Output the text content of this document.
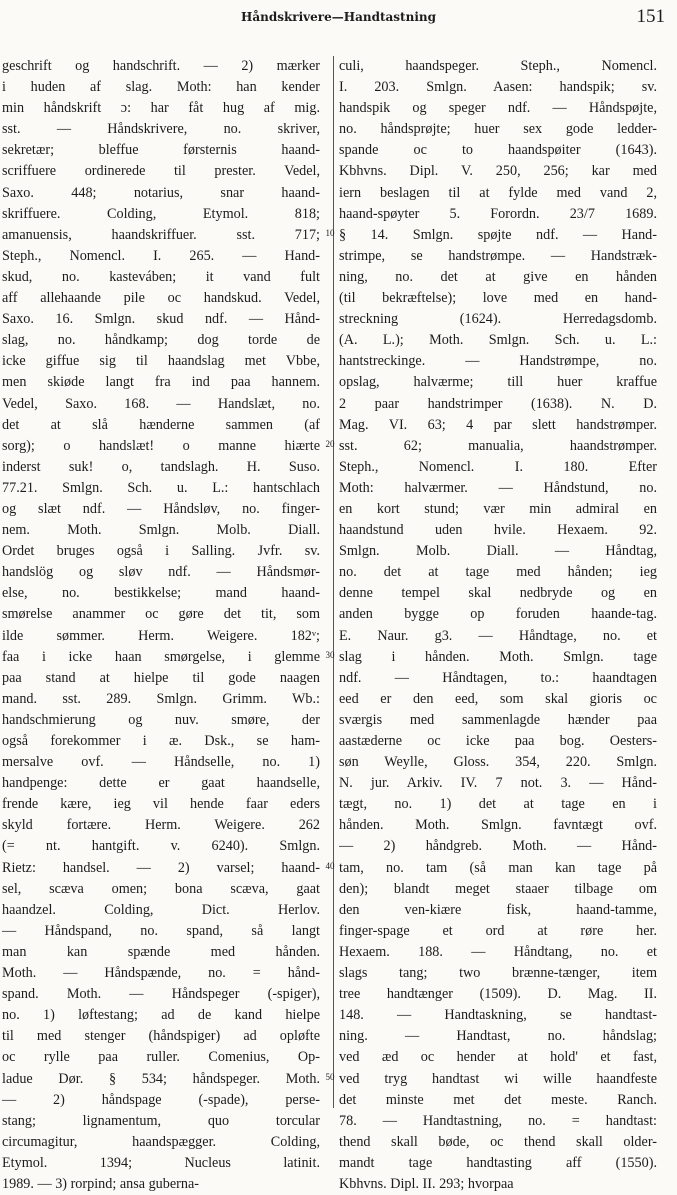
Håndskrivere—Handtastning	151
geschrift og handschrift. — 2) mærker
i huden af slag. Moth: han kender
min håndskrift ɔ: har fåt hug af mig.
sst. — Håndskrivere, no. skriver,
sekretær; bleffue førsternis haand-
scriffuere ordinerede til prester. Vedel,
Saxo. 448; notarius, snar haand-
skriffuere. Colding, Etymol. 818;
amanuensis, haandskriffuer. sst. 717;
Steph., Nomencl. I. 265. — Hand-
skud, no. kasteváben; it vand fult
aff allehaande pile oc handskud. Vedel,
Saxo. 16. Smlgn. skud ndf. — Hånd-
slag, no. håndkamp; dog torde de
icke giffue sig til haandslag met Vbbe,
men skiøde langt fra ind paa hannem.
Vedel, Saxo. 168. — Handslæt, no.
det at slå hænderne sammen (af
sorg); o handslæt! o manne hiærte
inderst suk! o, tandslagh. H. Suso.
77.21. Smlgn. Sch. u. L.: hantschlach
og slæt ndf. — Håndsløv, no. finger-
nem. Moth. Smlgn. Molb. Diall.
Ordet bruges også i Salling. Jvfr. sv.
handslög og sløv ndf. — Håndsmør-
else, no. bestikkelse; mand haand-
smørelse anammer oc gøre det tit, som
ilde sømmer. Herm. Weigere. 182ᵛ;
faa i icke haan smørgelse, i glemme
paa stand at hielpe til gode naagen
mand. sst. 289. Smlgn. Grimm. Wb.:
handschmierung og nuv. smøre, der
også forekommer i æ. Dsk., se ham-
mersalve ovf. — Håndselle, no. 1)
handpenge: dette er gaat haandselle,
frende kære, ieg vil hende faar eders
skyld fortære. Herm. Weigere. 262
(= nt. hantgift. v. 6240). Smlgn.
Rietz: handsel. — 2) varsel; haand-
sel, scæva omen; bona scæva, gaat
haandzel. Colding, Dict. Herlov.
— Håndspand, no. spand, så langt
man kan spænde med hånden.
Moth. — Håndspænde, no. = hånd-
spand. Moth. — Håndspeger (-spiger),
no. 1) løftestang; ad de kand hielpe
til med stenger (håndspiger) ad opløfte
oc rylle paa ruller. Comenius, Op-
ladue Dør. § 534; håndspeger. Moth.
— 2) håndspage (-spade), perse-
stang; lignamentum, quo torcular
circumagitur, haandspægger. Colding,
Etymol. 1394; Nucleus latinit.
1989. — 3) rorpind; ansa guberna-
10
20
30
40
50
culi, haandspeger. Steph., Nomencl.
I. 203. Smlgn. Aasen: handspik; sv.
handspik og speger ndf. — Håndspøjte,
no. håndsprøjte; huer sex gode ledder-
spande oc to haandspøiter (1643).
Kbhvns. Dipl. V. 250, 256; kar med
iern beslagen til at fylde med vand 2,
haand-spøyter 5. Forordn. 23/7 1689.
§ 14. Smlgn. spøjte ndf. — Hand-
strimpe, se handstrømpe. — Handstræk-
ning, no. det at give en hånden
(til bekræftelse); love med en hand-
streckning (1624). Herredagsdomb.
(A. L.); Moth. Smlgn. Sch. u. L.:
hantstreckinge. — Handstrømpe, no.
opslag, halværme; till huer kraffue
2 paar handstrimper (1638). N. D.
Mag. VI. 63; 4 par slett handstrømper.
sst. 62; manualia, haandstrømper.
Steph., Nomencl. I. 180. Efter
Moth: halværmer. — Håndstund, no.
en kort stund; vær min admiral en
haandstund uden hvile. Hexaem. 92.
Smlgn. Molb. Diall. — Håndtag,
no. det at tage med hånden; ieg
denne tempel skal nedbryde og en
anden bygge op foruden haande-tag.
E. Naur. g3. — Håndtage, no. et
slag i hånden. Moth. Smlgn. tage
ndf. — Håndtagen, to.: haandtagen
eed er den eed, som skal gioris oc
sværgis med sammenlagde hænder paa
aastæderne oc icke paa bog. Oesters-
søn Weylle, Gloss. 354, 220. Smlgn.
N. jur. Arkiv. IV. 7 not. 3. — Hånd-
tægt, no. 1) det at tage en i
hånden. Moth. Smlgn. favntægt ovf.
— 2) håndgreb. Moth. — Hånd-
tam, no. tam (så man kan tage på
den); blandt meget staaer tilbage om
den ven-kiære fisk, haand-tamme,
finger-spage et ord at røre her.
Hexaem. 188. — Håndtang, no. et
slags tang; two brænne-tænger, item
tree handtænger (1509). D. Mag. II.
148. — Handtaskning, se handtast-
ning. — Handtast, no. håndslag;
ved æd oc hender at hold' et fast,
ved tryg handtast wi wille haandfeste
det minste met det meste. Ranch.
78. — Handtastning, no. = handtast:
thend skall bøde, oc thend skall older-
mandt tage handtasting aff (1550).
Kbhvns. Dipl. II. 293; hvorpaa
